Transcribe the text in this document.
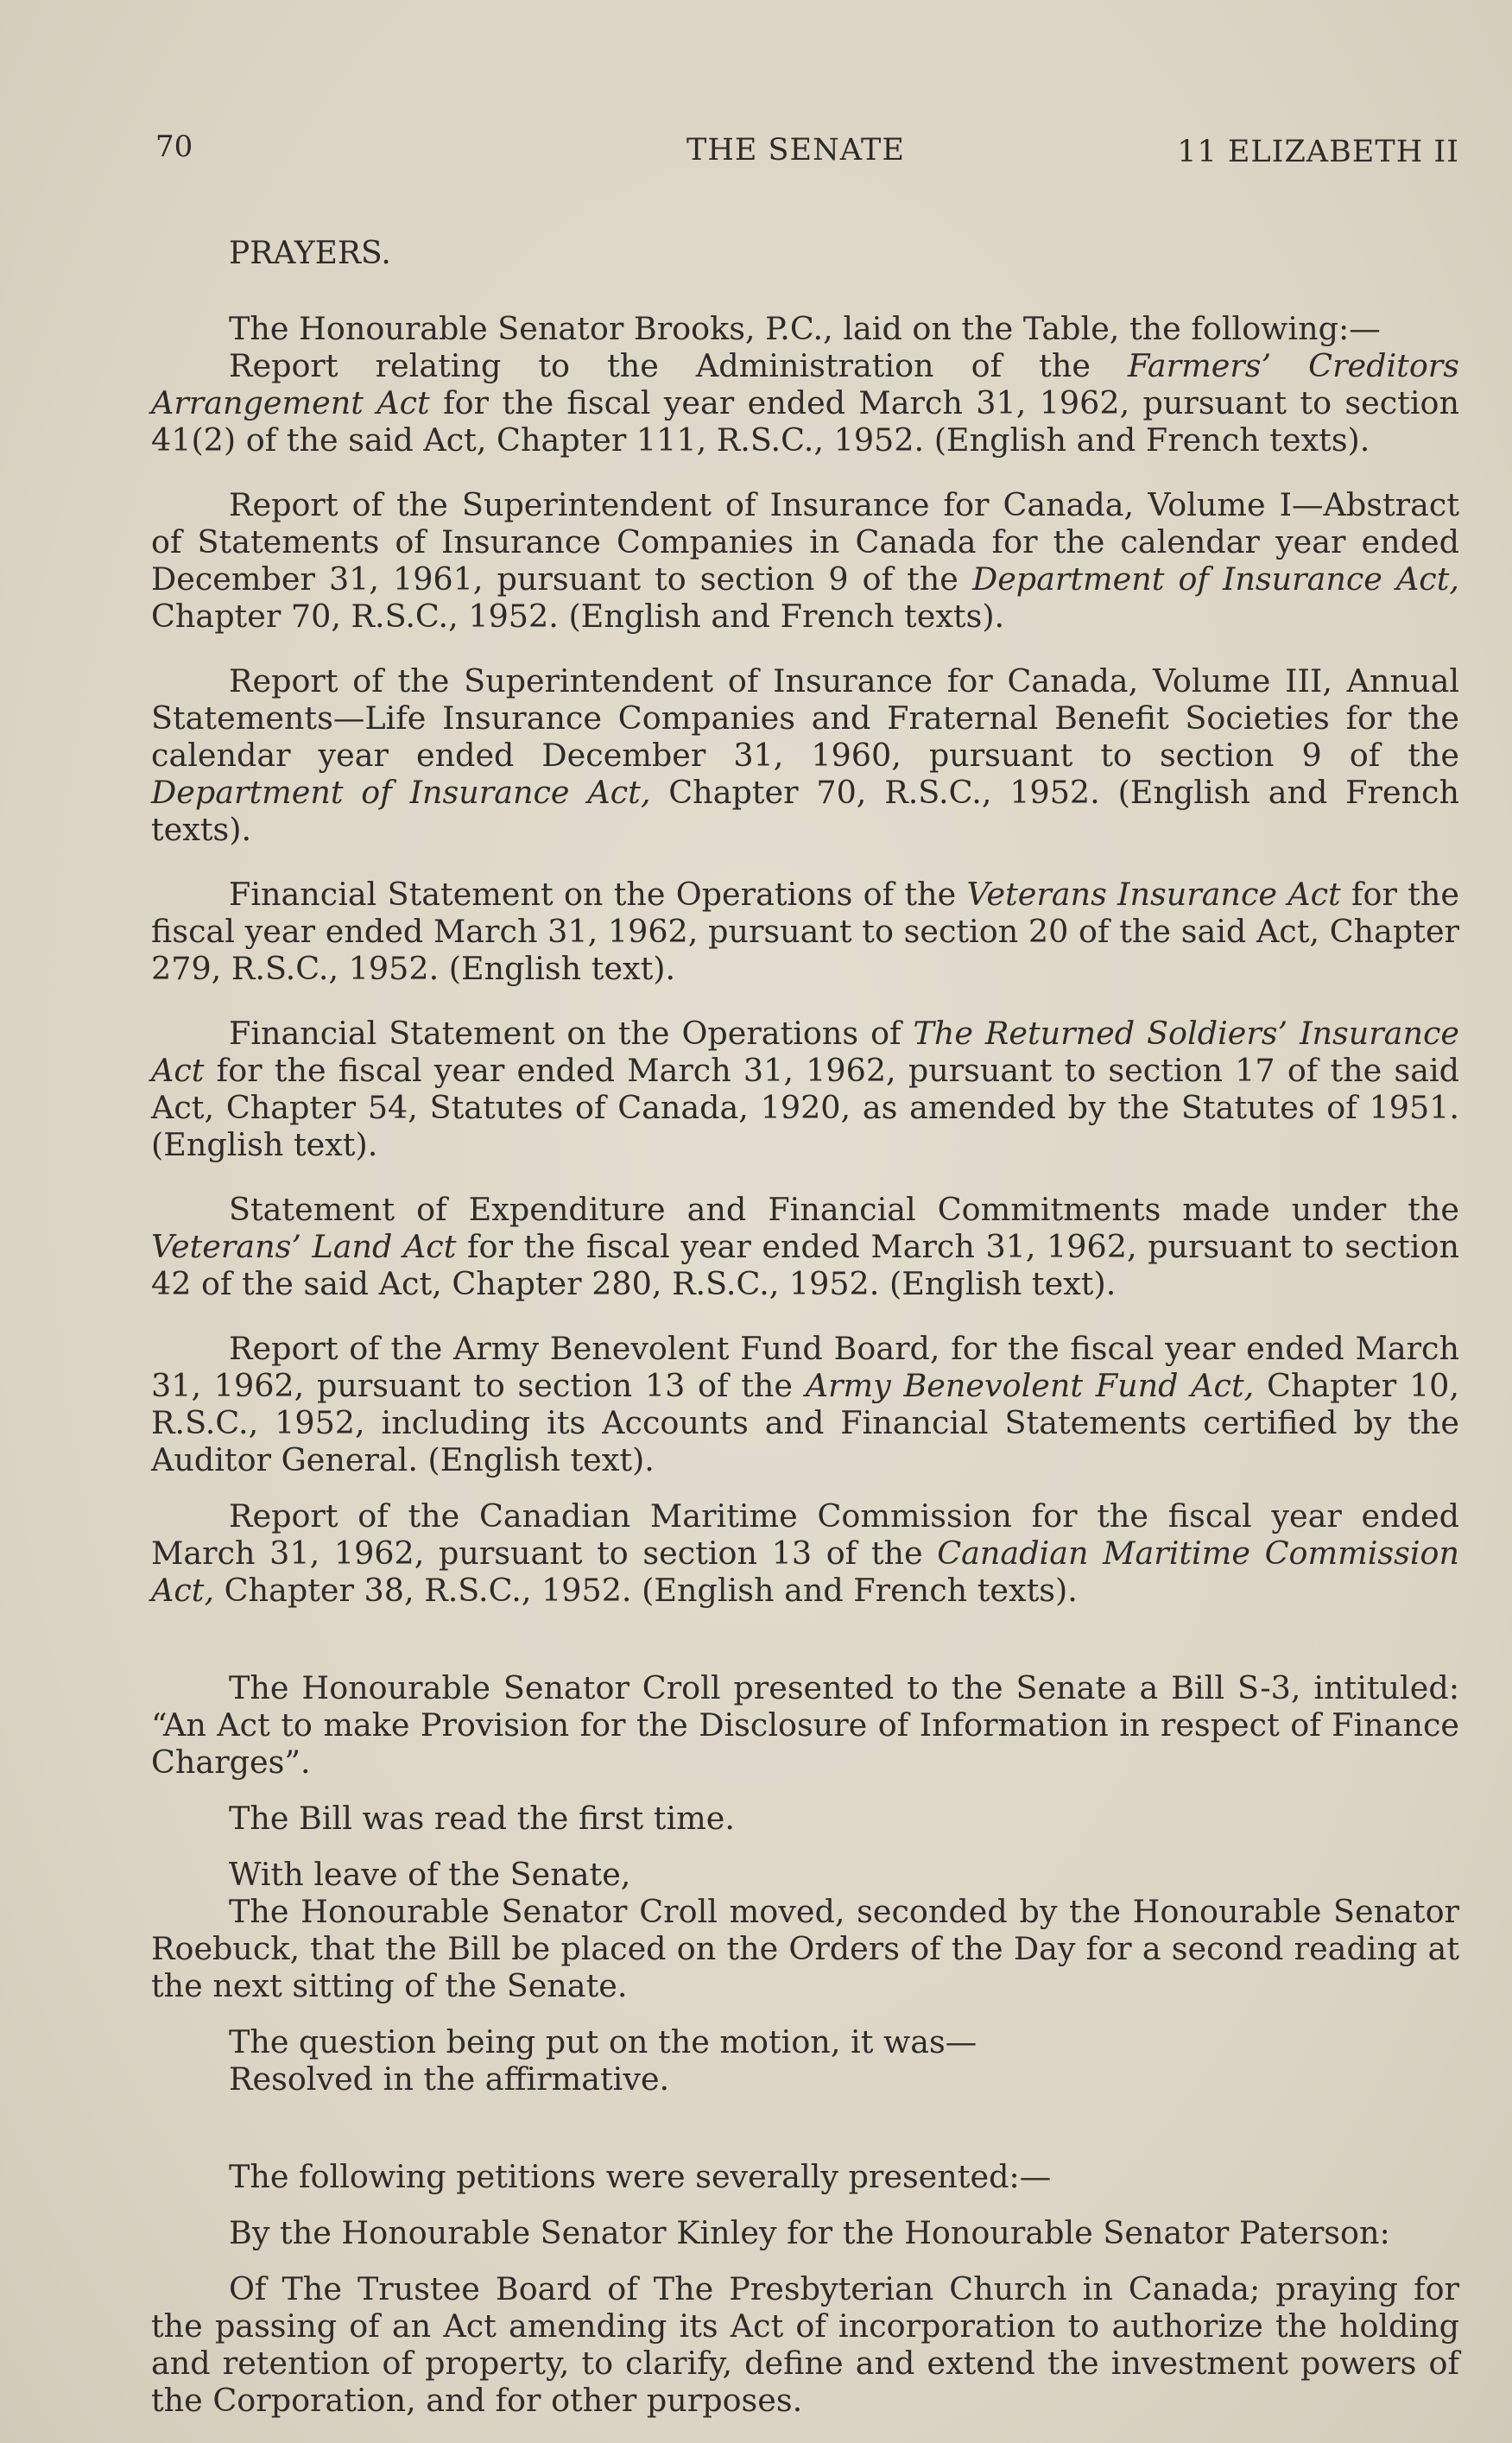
70	THE SENATE	11 ELIZABETH II

PRAYERS.

The Honourable Senator Brooks, P.C., laid on the Table, the following:—

Report relating to the Administration of the Farmers’ Creditors Arrangement Act for the fiscal year ended March 31, 1962, pursuant to section 41(2) of the said Act, Chapter 111, R.S.C., 1952. (English and French texts).

Report of the Superintendent of Insurance for Canada, Volume I—Abstract of Statements of Insurance Companies in Canada for the calendar year ended December 31, 1961, pursuant to section 9 of the Department of Insurance Act, Chapter 70, R.S.C., 1952. (English and French texts).

Report of the Superintendent of Insurance for Canada, Volume III, Annual Statements—Life Insurance Companies and Fraternal Benefit Societies for the calendar year ended December 31, 1960, pursuant to section 9 of the Department of Insurance Act, Chapter 70, R.S.C., 1952. (English and French texts).

Financial Statement on the Operations of the Veterans Insurance Act for the fiscal year ended March 31, 1962, pursuant to section 20 of the said Act, Chapter 279, R.S.C., 1952. (English text).

Financial Statement on the Operations of The Returned Soldiers’ Insurance Act for the fiscal year ended March 31, 1962, pursuant to section 17 of the said Act, Chapter 54, Statutes of Canada, 1920, as amended by the Statutes of 1951. (English text).

Statement of Expenditure and Financial Commitments made under the Veterans’ Land Act for the fiscal year ended March 31, 1962, pursuant to section 42 of the said Act, Chapter 280, R.S.C., 1952. (English text).

Report of the Army Benevolent Fund Board, for the fiscal year ended March 31, 1962, pursuant to section 13 of the Army Benevolent Fund Act, Chapter 10, R.S.C., 1952, including its Accounts and Financial Statements certified by the Auditor General. (English text).

Report of the Canadian Maritime Commission for the fiscal year ended March 31, 1962, pursuant to section 13 of the Canadian Maritime Commission Act, Chapter 38, R.S.C., 1952. (English and French texts).

The Honourable Senator Croll presented to the Senate a Bill S-3, intituled: “An Act to make Provision for the Disclosure of Information in respect of Finance Charges”.

The Bill was read the first time.

With leave of the Senate,

The Honourable Senator Croll moved, seconded by the Honourable Senator Roebuck, that the Bill be placed on the Orders of the Day for a second reading at the next sitting of the Senate.

The question being put on the motion, it was—

Resolved in the affirmative.

The following petitions were severally presented:—

By the Honourable Senator Kinley for the Honourable Senator Paterson:

Of The Trustee Board of The Presbyterian Church in Canada; praying for the passing of an Act amending its Act of incorporation to authorize the holding and retention of property, to clarify, define and extend the investment powers of the Corporation, and for other purposes.
